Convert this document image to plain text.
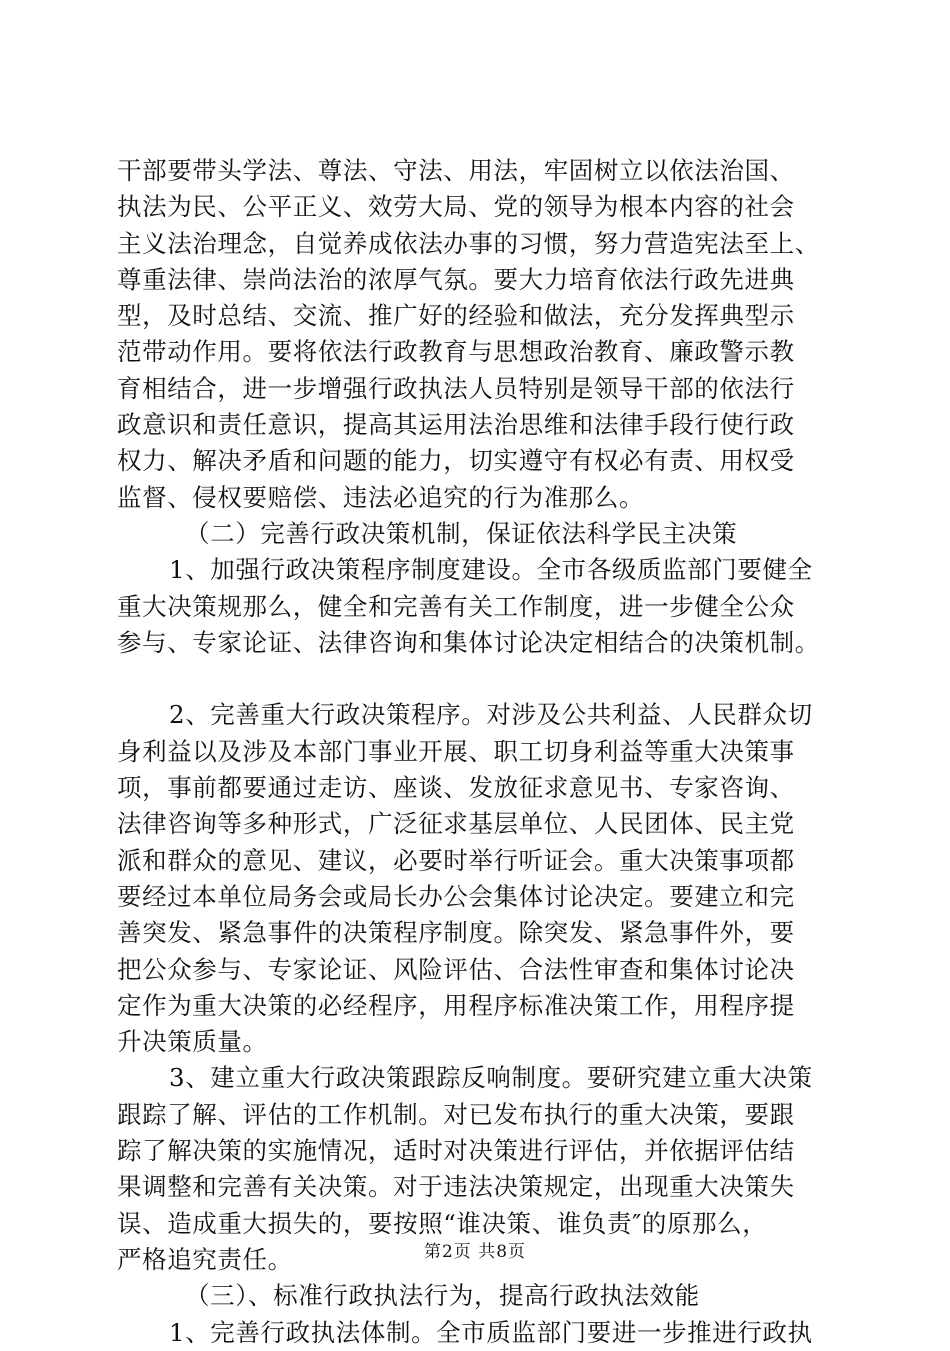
干部要带头学法、尊法、守法、用法，牢固树立以依法治国、
执法为民、公平正义、效劳大局、党的领导为根本内容的社会
主义法治理念，自觉养成依法办事的习惯，努力营造宪法至上、
尊重法律、崇尚法治的浓厚气氛。要大力培育依法行政先进典
型，及时总结、交流、推广好的经验和做法，充分发挥典型示
范带动作用。要将依法行政教育与思想政治教育、廉政警示教
育相结合，进一步增强行政执法人员特别是领导干部的依法行
政意识和责任意识，提高其运用法治思维和法律手段行使行政
权力、解决矛盾和问题的能力，切实遵守有权必有责、用权受
监督、侵权要赔偿、违法必追究的行为准那么。
（二）完善行政决策机制，保证依法科学民主决策
1、加强行政决策程序制度建设。全市各级质监部门要健全
重大决策规那么，健全和完善有关工作制度，进一步健全公众
参与、专家论证、法律咨询和集体讨论决定相结合的决策机制。
2、完善重大行政决策程序。对涉及公共利益、人民群众切
身利益以及涉及本部门事业开展、职工切身利益等重大决策事
项，事前都要通过走访、座谈、发放征求意见书、专家咨询、
法律咨询等多种形式，广泛征求基层单位、人民团体、民主党
派和群众的意见、建议，必要时举行听证会。重大决策事项都
要经过本单位局务会或局长办公会集体讨论决定。要建立和完
善突发、紧急事件的决策程序制度。除突发、紧急事件外，要
把公众参与、专家论证、风险评估、合法性审查和集体讨论决
定作为重大决策的必经程序，用程序标准决策工作，用程序提
升决策质量。
3、建立重大行政决策跟踪反响制度。要研究建立重大决策
跟踪了解、评估的工作机制。对已发布执行的重大决策，要跟
踪了解决策的实施情况，适时对决策进行评估，并依据评估结
果调整和完善有关决策。对于违法决策规定，出现重大决策失
误、造成重大损失的，要按照“谁决策、谁负责″的原那么，
严格追究责任。
（三）、标准行政执法行为，提高行政执法效能
1、完善行政执法体制。全市质监部门要进一步推进行政执
第2页 共8页
